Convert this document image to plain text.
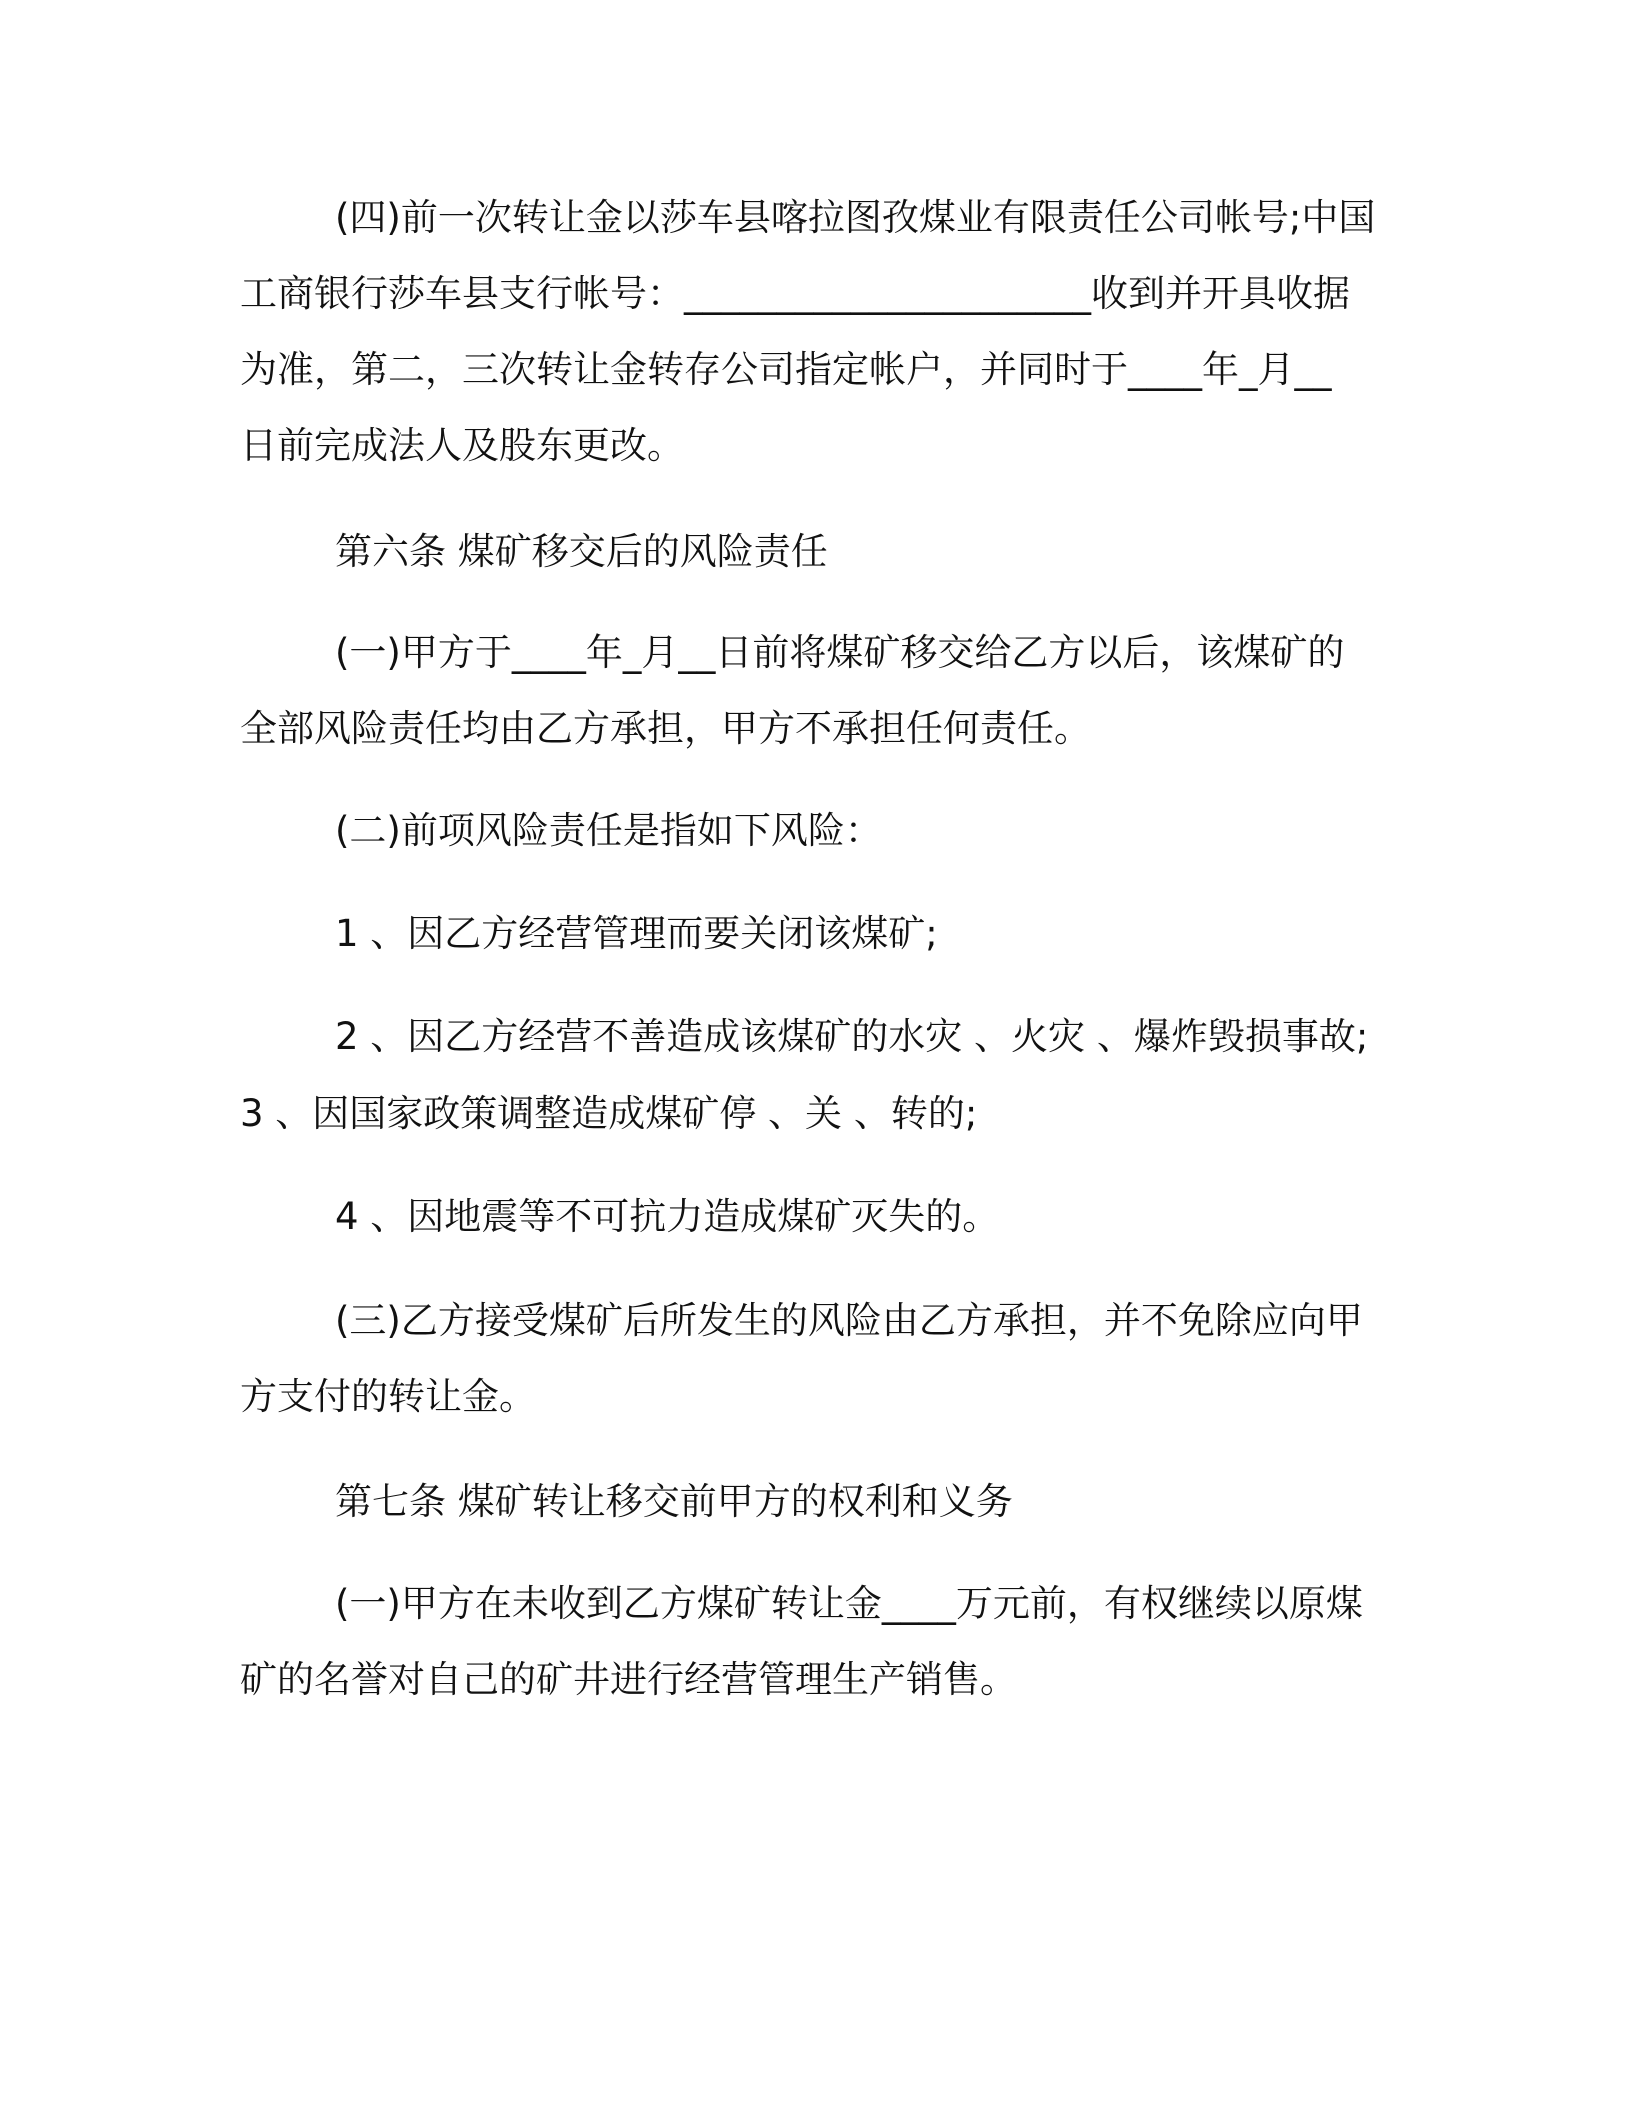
(四)前一次转让金以莎车县喀拉图孜煤业有限责任公司帐号;中国
工商银行莎车县支行帐号：______________________收到并开具收据
为准，第二，三次转让金转存公司指定帐户，并同时于____年_月__
日前完成法人及股东更改。
第六条 煤矿移交后的风险责任
(一)甲方于____年_月__日前将煤矿移交给乙方以后，该煤矿的
全部风险责任均由乙方承担，甲方不承担任何责任。
(二)前项风险责任是指如下风险：
1 、因乙方经营管理而要关闭该煤矿;
2 、因乙方经营不善造成该煤矿的水灾 、火灾 、爆炸毁损事故;
3 、因国家政策调整造成煤矿停 、关 、转的;
4 、因地震等不可抗力造成煤矿灭失的。
(三)乙方接受煤矿后所发生的风险由乙方承担，并不免除应向甲
方支付的转让金。
第七条 煤矿转让移交前甲方的权利和义务
(一)甲方在未收到乙方煤矿转让金____万元前，有权继续以原煤
矿的名誉对自己的矿井进行经营管理生产销售。
